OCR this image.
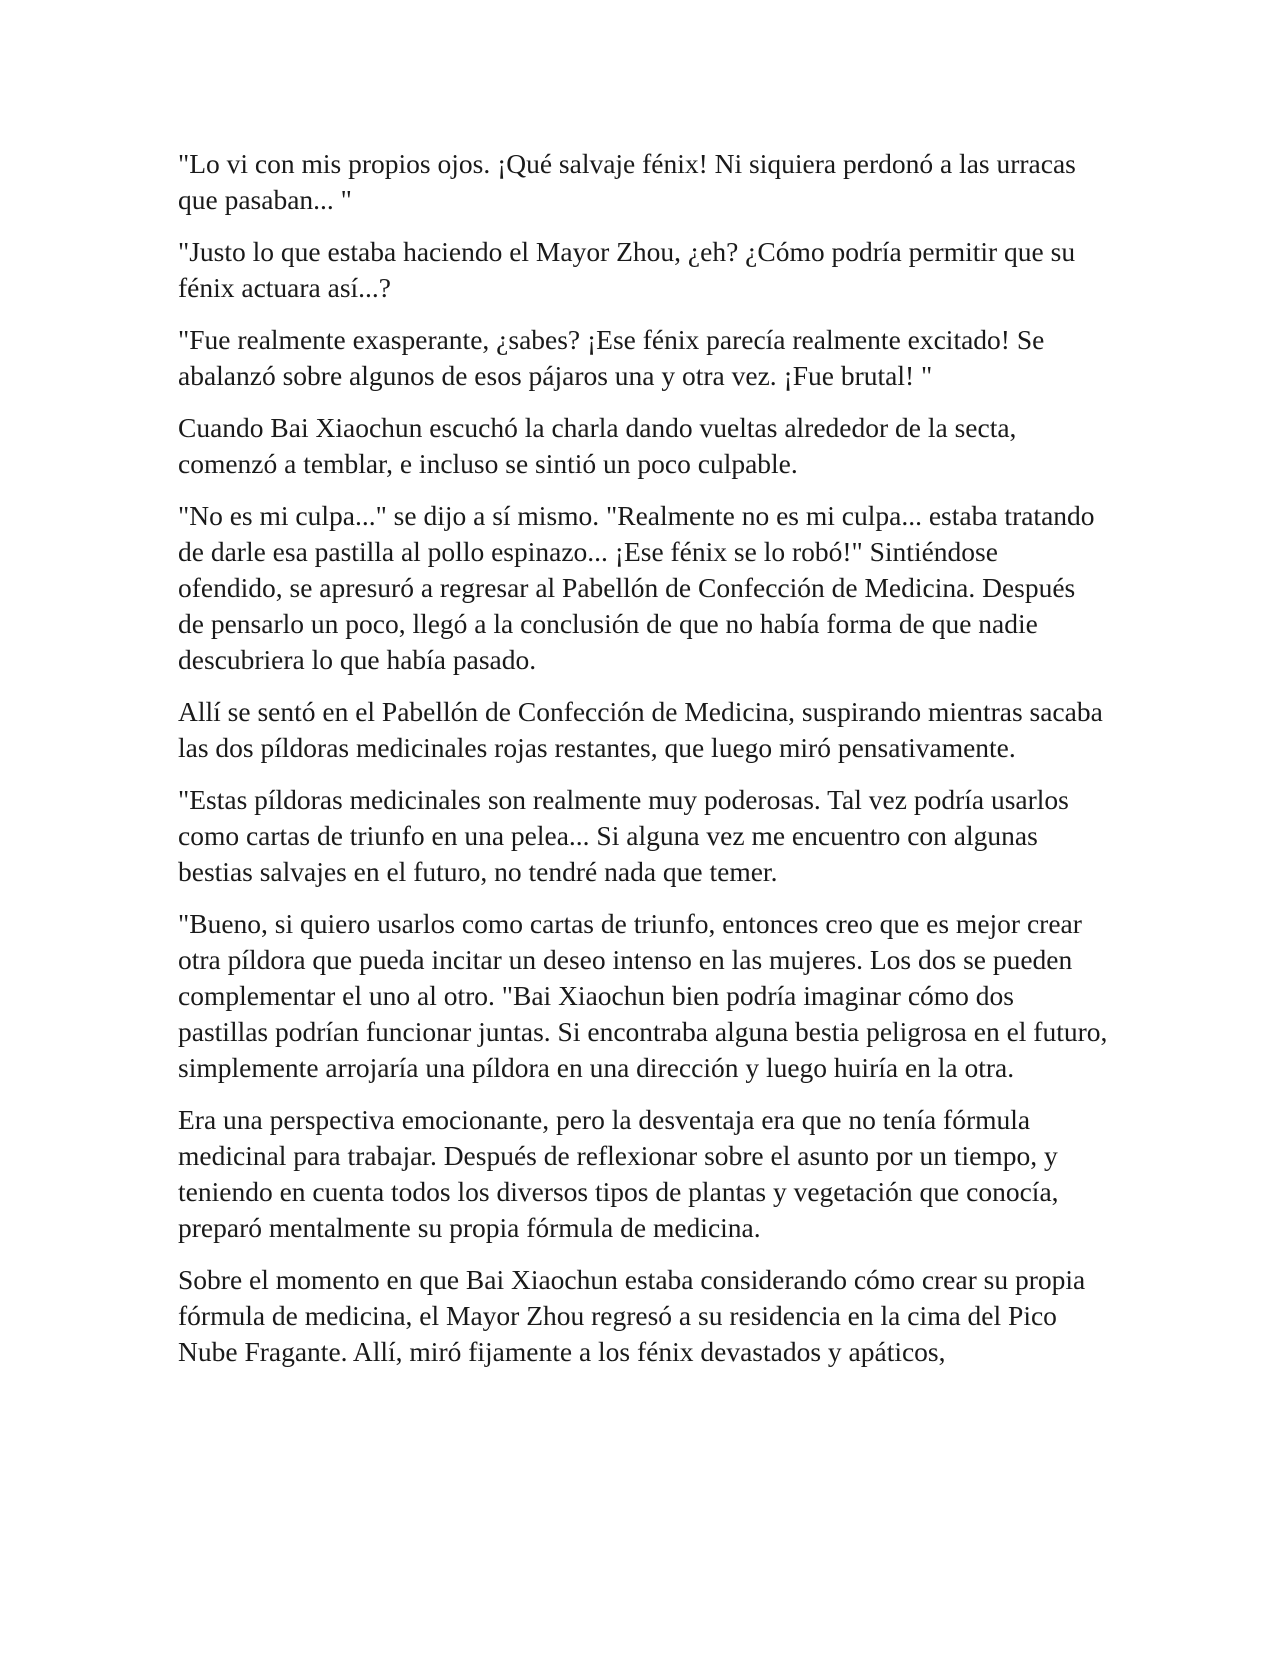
"Lo vi con mis propios ojos. ¡Qué salvaje fénix! Ni siquiera perdonó a las urracas que pasaban... "

"Justo lo que estaba haciendo el Mayor Zhou, ¿eh? ¿Cómo podría permitir que su fénix actuara así...?

"Fue realmente exasperante, ¿sabes? ¡Ese fénix parecía realmente excitado! Se abalanzó sobre algunos de esos pájaros una y otra vez. ¡Fue brutal! "

Cuando Bai Xiaochun escuchó la charla dando vueltas alrededor de la secta, comenzó a temblar, e incluso se sintió un poco culpable.

"No es mi culpa..." se dijo a sí mismo. "Realmente no es mi culpa... estaba tratando de darle esa pastilla al pollo espinazo... ¡Ese fénix se lo robó!" Sintiéndose ofendido, se apresuró a regresar al Pabellón de Confección de Medicina. Después de pensarlo un poco, llegó a la conclusión de que no había forma de que nadie descubriera lo que había pasado.

Allí se sentó en el Pabellón de Confección de Medicina, suspirando mientras sacaba las dos píldoras medicinales rojas restantes, que luego miró pensativamente.

"Estas píldoras medicinales son realmente muy poderosas. Tal vez podría usarlos como cartas de triunfo en una pelea... Si alguna vez me encuentro con algunas bestias salvajes en el futuro, no tendré nada que temer.

"Bueno, si quiero usarlos como cartas de triunfo, entonces creo que es mejor crear otra píldora que pueda incitar un deseo intenso en las mujeres. Los dos se pueden complementar el uno al otro. "Bai Xiaochun bien podría imaginar cómo dos pastillas podrían funcionar juntas. Si encontraba alguna bestia peligrosa en el futuro, simplemente arrojaría una píldora en una dirección y luego huiría en la otra.

Era una perspectiva emocionante, pero la desventaja era que no tenía fórmula medicinal para trabajar. Después de reflexionar sobre el asunto por un tiempo, y teniendo en cuenta todos los diversos tipos de plantas y vegetación que conocía, preparó mentalmente su propia fórmula de medicina.

Sobre el momento en que Bai Xiaochun estaba considerando cómo crear su propia fórmula de medicina, el Mayor Zhou regresó a su residencia en la cima del Pico Nube Fragante. Allí, miró fijamente a los fénix devastados y apáticos,
